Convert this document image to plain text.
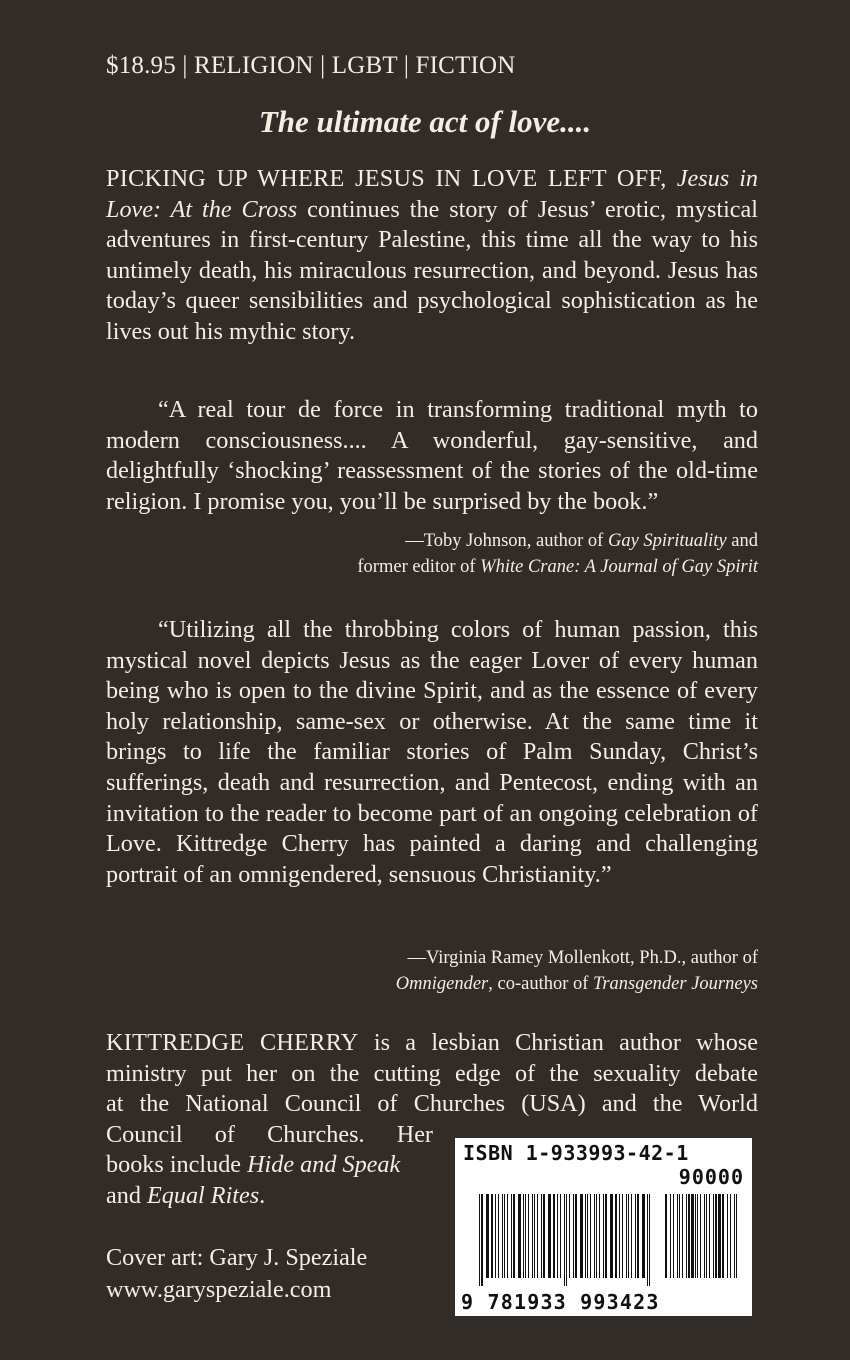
$18.95 | RELIGION | LGBT | FICTION
The ultimate act of love....
PICKING UP WHERE JESUS IN LOVE LEFT OFF, Jesus in Love: At the Cross continues the story of Jesus’ erotic, mystical adventures in first-century Palestine, this time all the way to his untimely death, his miraculous resurrection, and beyond. Jesus has today’s queer sensibilities and psychological sophistication as he lives out his mythic story.
“A real tour de force in transforming traditional myth to modern consciousness.... A wonderful, gay-sensitive, and delightfully ‘shocking’ reassessment of the stories of the old-time religion. I promise you, you’ll be surprised by the book.”
—Toby Johnson, author of Gay Spirituality and
former editor of White Crane: A Journal of Gay Spirit
“Utilizing all the throbbing colors of human passion, this mystical novel depicts Jesus as the eager Lover of every human being who is open to the divine Spirit, and as the essence of every holy relationship, same-sex or otherwise. At the same time it brings to life the familiar stories of Palm Sunday, Christ’s sufferings, death and resurrection, and Pentecost, ending with an invitation to the reader to become part of an ongoing celebration of Love. Kittredge Cherry has painted a daring and challenging portrait of an omnigendered, sensuous Christianity.”
—Virginia Ramey Mollenkott, Ph.D., author of
Omnigender, co-author of Transgender Journeys
KITTREDGE CHERRY is a lesbian Christian author whose
ministry put her on the cutting edge of the sexuality debate
at the National Council of Churches (USA) and the World
Council of Churches. Her
books include Hide and Speak
and Equal Rites.
Cover art: Gary J. Speziale
www.garyspeziale.com
ISBN 1-933993-42-1
90000
9 781933 993423
